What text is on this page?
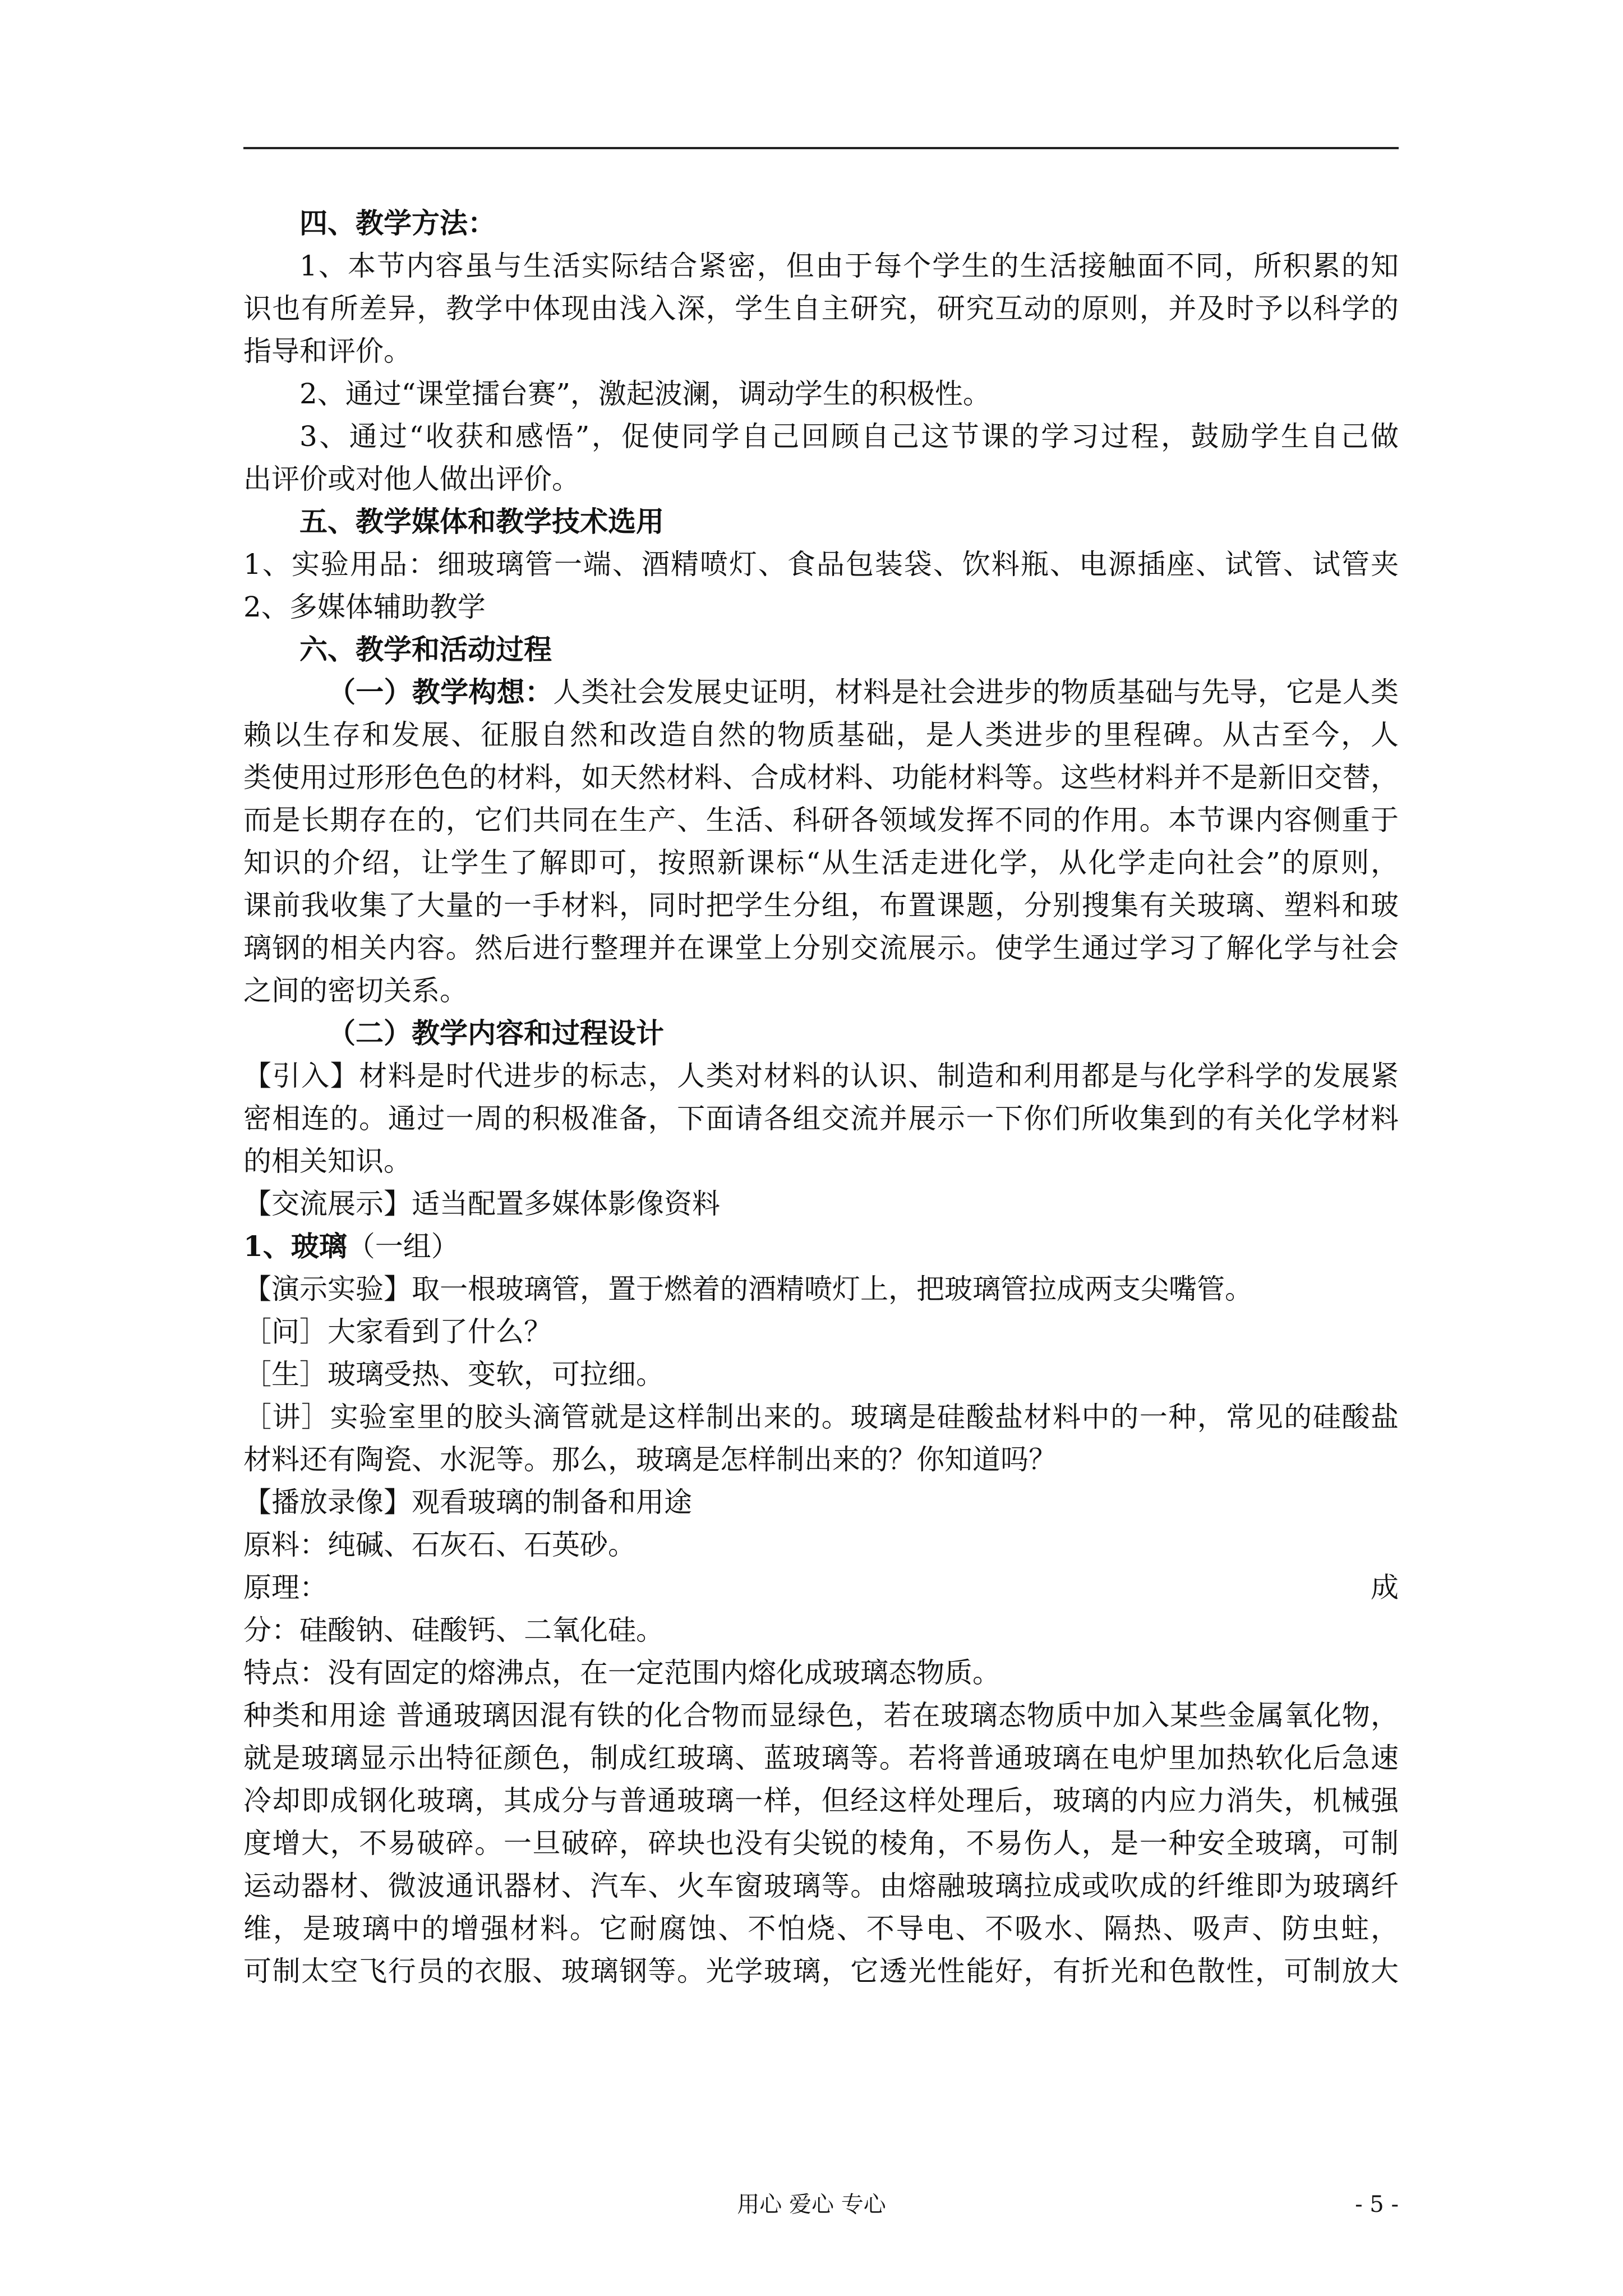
四、教学方法：
1、本节内容虽与生活实际结合紧密，但由于每个学生的生活接触面不同，所积累的知
识也有所差异，教学中体现由浅入深，学生自主研究，研究互动的原则，并及时予以科学的
指导和评价。
2、通过“课堂擂台赛”，激起波澜，调动学生的积极性。
3、通过“收获和感悟”，促使同学自己回顾自己这节课的学习过程，鼓励学生自己做
出评价或对他人做出评价。
五、教学媒体和教学技术选用
1、实验用品：细玻璃管一端、酒精喷灯、食品包装袋、饮料瓶、电源插座、试管、试管夹
2、多媒体辅助教学
六、教学和活动过程
（一）教学构想：人类社会发展史证明，材料是社会进步的物质基础与先导，它是人类
赖以生存和发展、征服自然和改造自然的物质基础，是人类进步的里程碑。从古至今，人
类使用过形形色色的材料，如天然材料、合成材料、功能材料等。这些材料并不是新旧交替，
而是长期存在的，它们共同在生产、生活、科研各领域发挥不同的作用。本节课内容侧重于
知识的介绍，让学生了解即可，按照新课标“从生活走进化学，从化学走向社会”的原则，
课前我收集了大量的一手材料，同时把学生分组，布置课题，分别搜集有关玻璃、塑料和玻
璃钢的相关内容。然后进行整理并在课堂上分别交流展示。使学生通过学习了解化学与社会
之间的密切关系。
（二）教学内容和过程设计
【引入】材料是时代进步的标志，人类对材料的认识、制造和利用都是与化学科学的发展紧
密相连的。通过一周的积极准备，下面请各组交流并展示一下你们所收集到的有关化学材料
的相关知识。
【交流展示】适当配置多媒体影像资料
1、玻璃（一组）
【演示实验】取一根玻璃管，置于燃着的酒精喷灯上，把玻璃管拉成两支尖嘴管。
［问］大家看到了什么？
［生］玻璃受热、变软，可拉细。
［讲］实验室里的胶头滴管就是这样制出来的。玻璃是硅酸盐材料中的一种，常见的硅酸盐
材料还有陶瓷、水泥等。那么，玻璃是怎样制出来的？你知道吗？
【播放录像】观看玻璃的制备和用途
原料：纯碱、石灰石、石英砂。
原理：	成
分：硅酸钠、硅酸钙、二氧化硅。
特点：没有固定的熔沸点，在一定范围内熔化成玻璃态物质。
种类和用途 普通玻璃因混有铁的化合物而显绿色，若在玻璃态物质中加入某些金属氧化物，
就是玻璃显示出特征颜色，制成红玻璃、蓝玻璃等。若将普通玻璃在电炉里加热软化后急速
冷却即成钢化玻璃，其成分与普通玻璃一样，但经这样处理后，玻璃的内应力消失，机械强
度增大，不易破碎。一旦破碎，碎块也没有尖锐的棱角，不易伤人，是一种安全玻璃，可制
运动器材、微波通讯器材、汽车、火车窗玻璃等。由熔融玻璃拉成或吹成的纤维即为玻璃纤
维，是玻璃中的增强材料。它耐腐蚀、不怕烧、不导电、不吸水、隔热、吸声、防虫蛀，
可制太空飞行员的衣服、玻璃钢等。光学玻璃，它透光性能好，有折光和色散性，可制放大
用心 爱心 专心	- 5 -
